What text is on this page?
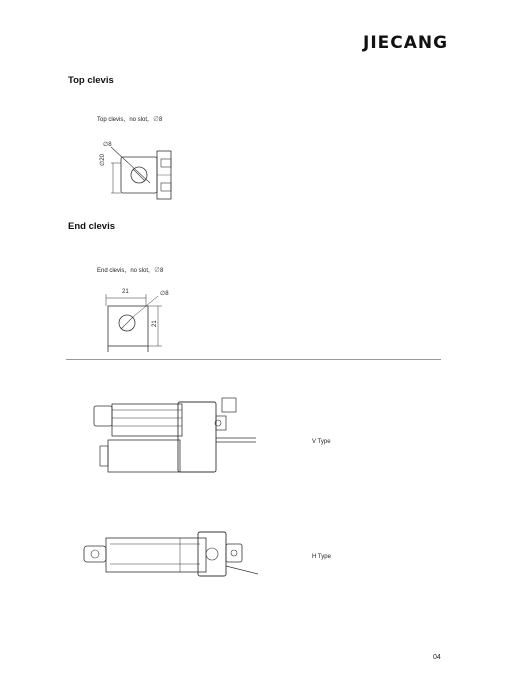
JIECANG
Top clevis
Top clevis，no slot，∅8
∅8
∅20
End clevis
End clevis，no slot，∅8
21	∅8
21
V Type
H Type
04
